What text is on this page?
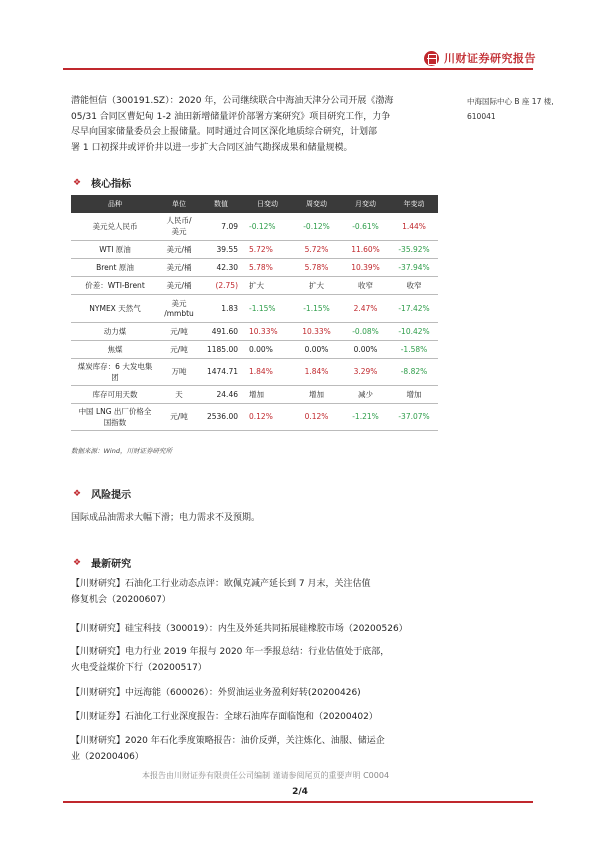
川财证券研究报告
中海国际中心 B 座 17 楼,
610041
潜能恒信（300191.SZ）：2020 年，公司继续联合中海油天津分公司开展《渤海
05/31 合同区曹妃甸 1-2 油田新增储量评价部署方案研究》项目研究工作，力争
尽早向国家储量委员会上报储量。同时通过合同区深化地质综合研究，计划部
署 1 口初探井或评价井以进一步扩大合同区油气勘探成果和储量规模。
❖ 核心指标
品种	单位	数值	日变动	周变动	月变动	年变动

美元兑人民币	人民币/
美元	7.09	-0.12%	-0.12%	-0.61%	1.44%

WTI 原油	美元/桶	39.55	5.72%	5.72%	11.60%	-35.92%

Brent 原油	美元/桶	42.30	5.78%	5.78%	10.39%	-37.94%

价差：WTI-Brent	美元/桶	(2.75)	扩大	扩大	收窄	收窄

NYMEX 天然气	美元
/mmbtu	1.83	-1.15%	-1.15%	2.47%	-17.42%

动力煤	元/吨	491.60	10.33%	10.33%	-0.08%	-10.42%

焦煤	元/吨	1185.00	0.00%	0.00%	0.00%	-1.58%

煤炭库存：6 大发电集
团	万吨	1474.71	1.84%	1.84%	3.29%	-8.82%

库存可用天数	天	24.46	增加	增加	减少	增加

中国 LNG 出厂价格全
国指数	元/吨	2536.00	0.12%	0.12%	-1.21%	-37.07%
数据来源：Wind，川财证券研究所
❖ 风险提示
国际成品油需求大幅下滑；电力需求不及预期。
❖ 最新研究
【川财研究】石油化工行业动态点评：欧佩克减产延长到 7 月末，关注估值
修复机会（20200607）
【川财研究】硅宝科技（300019）：内生及外延共同拓展硅橡胶市场（20200526）
【川财研究】电力行业 2019 年报与 2020 年一季报总结：行业估值处于底部，
火电受益煤价下行（20200517）
【川财研究】中远海能（600026）：外贸油运业务盈利好转(20200426)
【川财证券】石油化工行业深度报告：全球石油库存面临饱和（20200402）
【川财研究】2020 年石化季度策略报告：油价反弹，关注炼化、油服、储运企
业（20200406）
本报告由川财证券有限责任公司编制 谨请参阅尾页的重要声明 C0004
2/4
